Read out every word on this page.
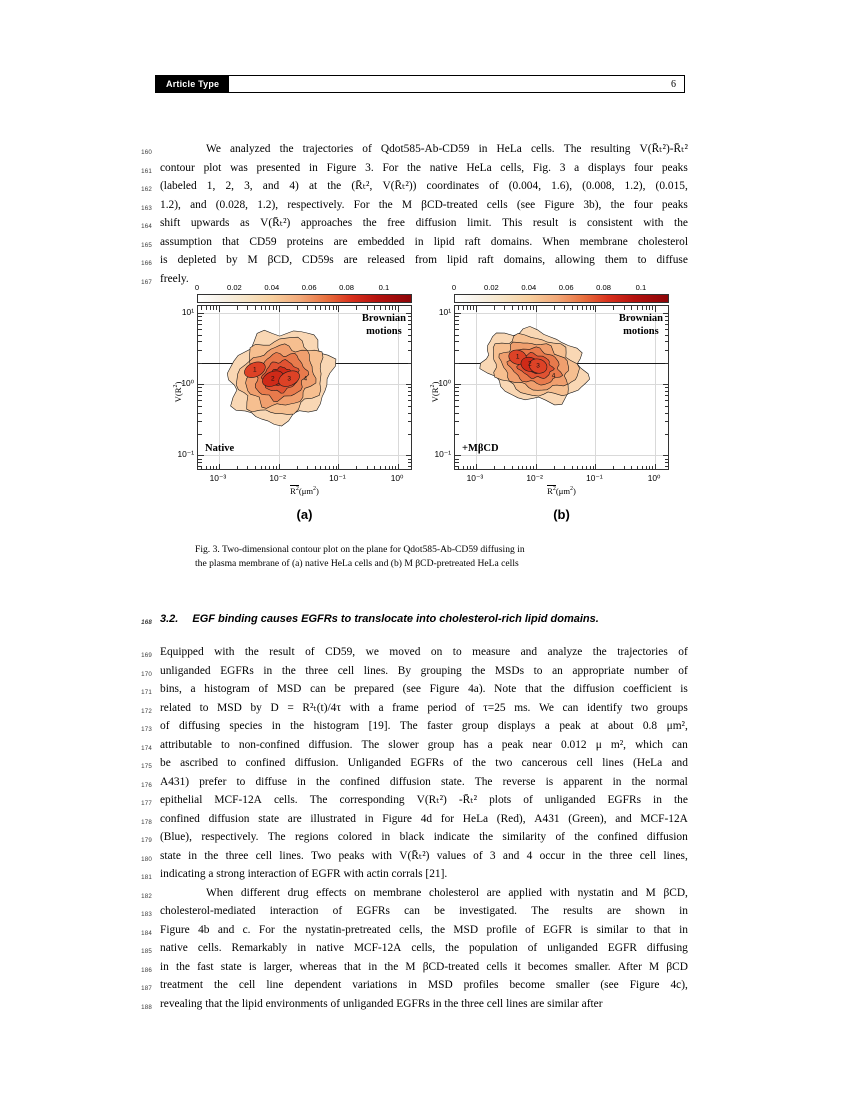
Article Type	6
160	We analyzed the trajectories of Qdot585-Ab-CD59 in HeLa cells. The resulting V(R̄ₜ²)-R̄ₜ²
161 contour plot was presented in Figure 3. For the native HeLa cells, Fig. 3 a displays four peaks
162 (labeled 1, 2, 3, and 4) at the (R̄ₜ², V(R̄ₜ²)) coordinates of (0.004, 1.6), (0.008, 1.2), (0.015,
163 1.2), and (0.028, 1.2), respectively. For the M βCD-treated cells (see Figure 3b), the four peaks
164 shift upwards as V(R̄ₜ²) approaches the free diffusion limit. This result is consistent with the
165 assumption that CD59 proteins are embedded in lipid raft domains. When membrane cholesterol
166 is depleted by M βCD, CD59s are released from lipid raft domains, allowing them to diffuse
167 freely.
0	0.02	0.04	0.06	0.08	0.1
1
2 3 4
Brownian
motions
Native
10⁻³	10⁻²	10⁻¹	10⁰
10¹
10⁰
10⁻¹
$R^2(\mu m^2)$
$V(R^2)$
(a)
0	0.02	0.04	0.06	0.08	0.1
1
2 3
4
Brownian
motions
+MβCD
10⁻³	10⁻²	10⁻¹	10⁰
10¹
10⁰
10⁻¹
$R^2(\mu m^2)$
$V(R^2)$
(b)
Fig. 3. Two-dimensional contour plot on the plane for Qdot585-Ab-CD59 diffusing in
the plasma membrane of (a) native HeLa cells and (b) M βCD-pretreated HeLa cells
168 3.2. EGF binding causes EGFRs to translocate into cholesterol-rich lipid domains.
169 Equipped with the result of CD59, we moved on to measure and analyze the trajectories of
170 unliganded EGFRs in the three cell lines. By grouping the MSDs to an appropriate number of
171 bins, a histogram of MSD can be prepared (see Figure 4a). Note that the diffusion coefficient is
172 related to MSD by D = R²ₜ(t)/4τ with a frame period of τ=25 ms. We can identify two groups
173 of diffusing species in the histogram [19]. The faster group displays a peak at about 0.8 μm²,
174 attributable to non-confined diffusion. The slower group has a peak near 0.012 μ m², which can
175 be ascribed to confined diffusion. Unliganded EGFRs of the two cancerous cell lines (HeLa and
176 A431) prefer to diffuse in the confined diffusion state. The reverse is apparent in the normal
177 epithelial MCF-12A cells. The corresponding V(Rₜ²) -R̄ₜ² plots of unliganded EGFRs in the
178 confined diffusion state are illustrated in Figure 4d for HeLa (Red), A431 (Green), and MCF-12A
179 (Blue), respectively. The regions colored in black indicate the similarity of the confined diffusion
180 state in the three cell lines. Two peaks with V(R̄ₜ²) values of 3 and 4 occur in the three cell lines,
181 indicating a strong interaction of EGFR with actin corrals [21].
182	When different drug effects on membrane cholesterol are applied with nystatin and M βCD,
183 cholesterol-mediated interaction of EGFRs can be investigated. The results are shown in
184 Figure 4b and c. For the nystatin-pretreated cells, the MSD profile of EGFR is similar to that in
185 native cells. Remarkably in native MCF-12A cells, the population of unliganded EGFR diffusing
186 in the fast state is larger, whereas that in the M βCD-treated cells it becomes smaller. After M βCD
187 treatment the cell line dependent variations in MSD profiles become smaller (see Figure 4c),
188 revealing that the lipid environments of unliganded EGFRs in the three cell lines are similar after
